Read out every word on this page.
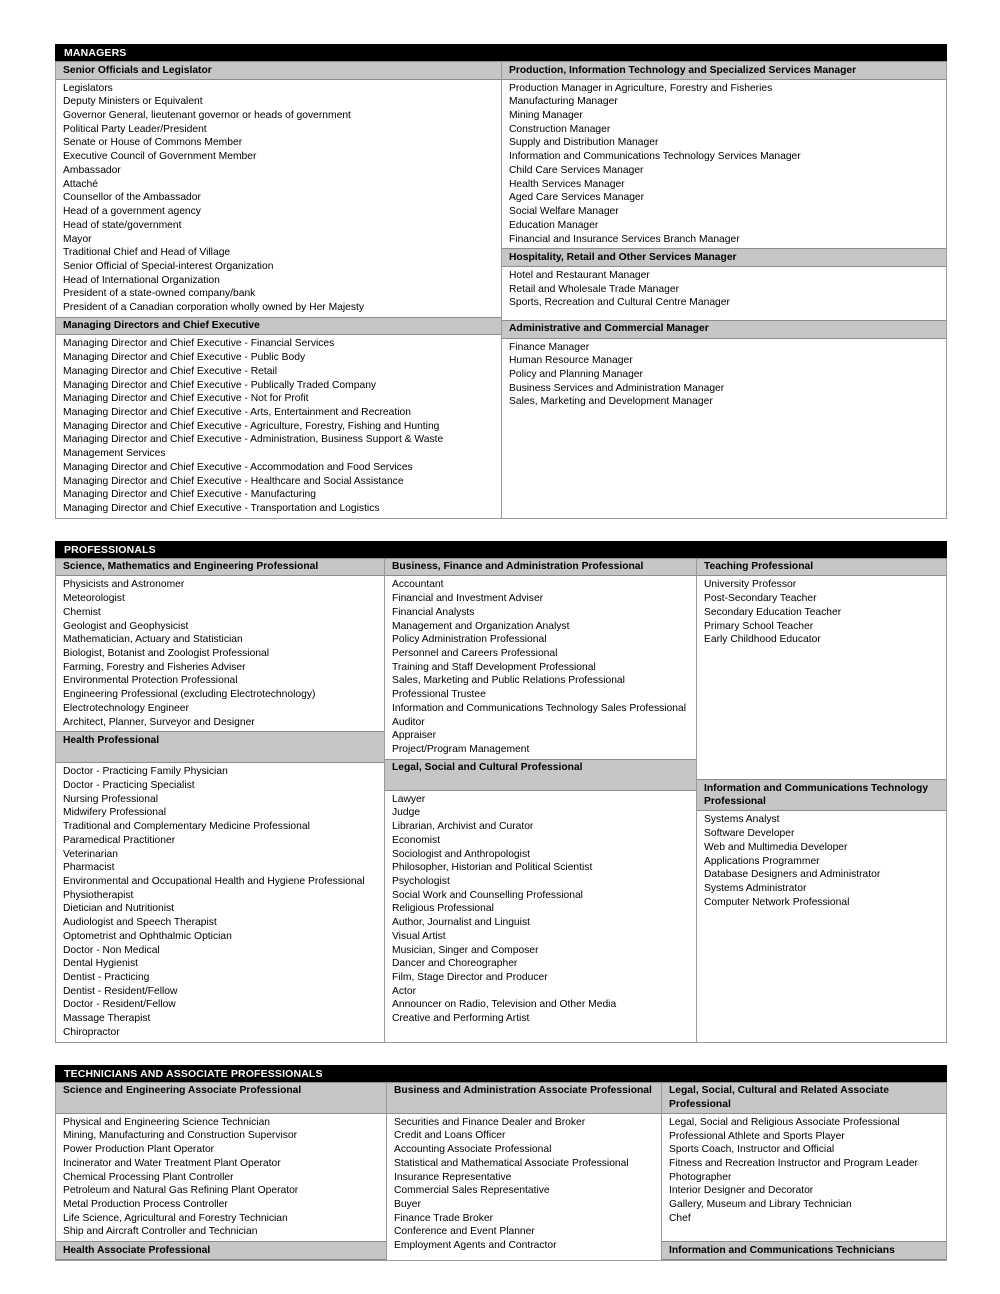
MANAGERS
Senior Officials and Legislator
Legislators
Deputy Ministers or Equivalent
Governor General, lieutenant governor or heads of government
Political Party Leader/President
Senate or House of Commons Member
Executive Council of Government Member
Ambassador
Attaché
Counsellor of the Ambassador
Head of a government agency
Head of state/government
Mayor
Traditional Chief and Head of Village
Senior Official of Special-interest Organization
Head of International Organization
President of a state-owned company/bank
President of a Canadian corporation wholly owned by Her Majesty
Managing Directors and Chief Executive
Managing Director and Chief Executive - Financial Services
Managing Director and Chief Executive - Public Body
Managing Director and Chief Executive - Retail
Managing Director and Chief Executive - Publically Traded Company
Managing Director and Chief Executive - Not for Profit
Managing Director and Chief Executive - Arts, Entertainment and Recreation
Managing Director and Chief Executive - Agriculture, Forestry, Fishing and Hunting
Managing Director and Chief Executive - Administration, Business Support & Waste
Management Services
Managing Director and Chief Executive - Accommodation and Food Services
Managing Director and Chief Executive - Healthcare and Social Assistance
Managing Director and Chief Executive - Manufacturing
Managing Director and Chief Executive - Transportation and Logistics
Production, Information Technology and Specialized Services Manager
Production Manager in Agriculture, Forestry and Fisheries
Manufacturing Manager
Mining Manager
Construction Manager
Supply and Distribution Manager
Information and Communications Technology Services Manager
Child Care Services Manager
Health Services Manager
Aged Care Services Manager
Social Welfare Manager
Education Manager
Financial and Insurance Services Branch Manager
Hospitality, Retail and Other Services Manager
Hotel and Restaurant Manager
Retail and Wholesale Trade Manager
Sports, Recreation and Cultural Centre Manager
Administrative and Commercial Manager
Finance Manager
Human Resource Manager
Policy and Planning Manager
Business Services and Administration Manager
Sales, Marketing and Development Manager
PROFESSIONALS
Science, Mathematics and Engineering Professional
Physicists and Astronomer
Meteorologist
Chemist
Geologist and Geophysicist
Mathematician, Actuary and Statistician
Biologist, Botanist and Zoologist Professional
Farming, Forestry and Fisheries Adviser
Environmental Protection Professional
Engineering Professional (excluding Electrotechnology)
Electrotechnology Engineer
Architect, Planner, Surveyor and Designer
Health Professional
Doctor - Practicing Family Physician
Doctor - Practicing Specialist
Nursing Professional
Midwifery Professional
Traditional and Complementary Medicine Professional
Paramedical Practitioner
Veterinarian
Pharmacist
Environmental and Occupational Health and Hygiene Professional
Physiotherapist
Dietician and Nutritionist
Audiologist and Speech Therapist
Optometrist and Ophthalmic Optician
Doctor - Non Medical
Dental Hygienist
Dentist - Practicing
Dentist - Resident/Fellow
Doctor - Resident/Fellow
Massage Therapist
Chiropractor
Business, Finance and Administration Professional
Accountant
Financial and Investment Adviser
Financial Analysts
Management and Organization Analyst
Policy Administration Professional
Personnel and Careers Professional
Training and Staff Development Professional
Sales, Marketing and Public Relations Professional
Professional Trustee
Information and Communications Technology Sales Professional
Auditor
Appraiser
Project/Program Management
Legal, Social and Cultural Professional
Lawyer
Judge
Librarian, Archivist and Curator
Economist
Sociologist and Anthropologist
Philosopher, Historian and Political Scientist
Psychologist
Social Work and Counselling Professional
Religious Professional
Author, Journalist and Linguist
Visual Artist
Musician, Singer and Composer
Dancer and Choreographer
Film, Stage Director and Producer
Actor
Announcer on Radio, Television and Other Media
Creative and Performing Artist
Teaching Professional
University Professor
Post-Secondary Teacher
Secondary Education Teacher
Primary School Teacher
Early Childhood Educator
Information and Communications Technology Professional
Systems Analyst
Software Developer
Web and Multimedia Developer
Applications Programmer
Database Designers and Administrator
Systems Administrator
Computer Network Professional
TECHNICIANS AND ASSOCIATE PROFESSIONALS
Science and Engineering Associate Professional
Physical and Engineering Science Technician
Mining, Manufacturing and Construction Supervisor
Power Production Plant Operator
Incinerator and Water Treatment Plant Operator
Chemical Processing Plant Controller
Petroleum and Natural Gas Refining Plant Operator
Metal Production Process Controller
Life Science, Agricultural and Forestry Technician
Ship and Aircraft Controller and Technician
Health Associate Professional
Business and Administration Associate Professional
Securities and Finance Dealer and Broker
Credit and Loans Officer
Accounting Associate Professional
Statistical and Mathematical Associate Professional
Insurance Representative
Commercial Sales Representative
Buyer
Finance Trade Broker
Conference and Event Planner
Employment Agents and Contractor
Legal, Social, Cultural and Related Associate Professional
Legal, Social and Religious Associate Professional
Professional Athlete and Sports Player
Sports Coach, Instructor and Official
Fitness and Recreation Instructor and Program Leader
Photographer
Interior Designer and Decorator
Gallery, Museum and Library Technician
Chef
Information and Communications Technicians
